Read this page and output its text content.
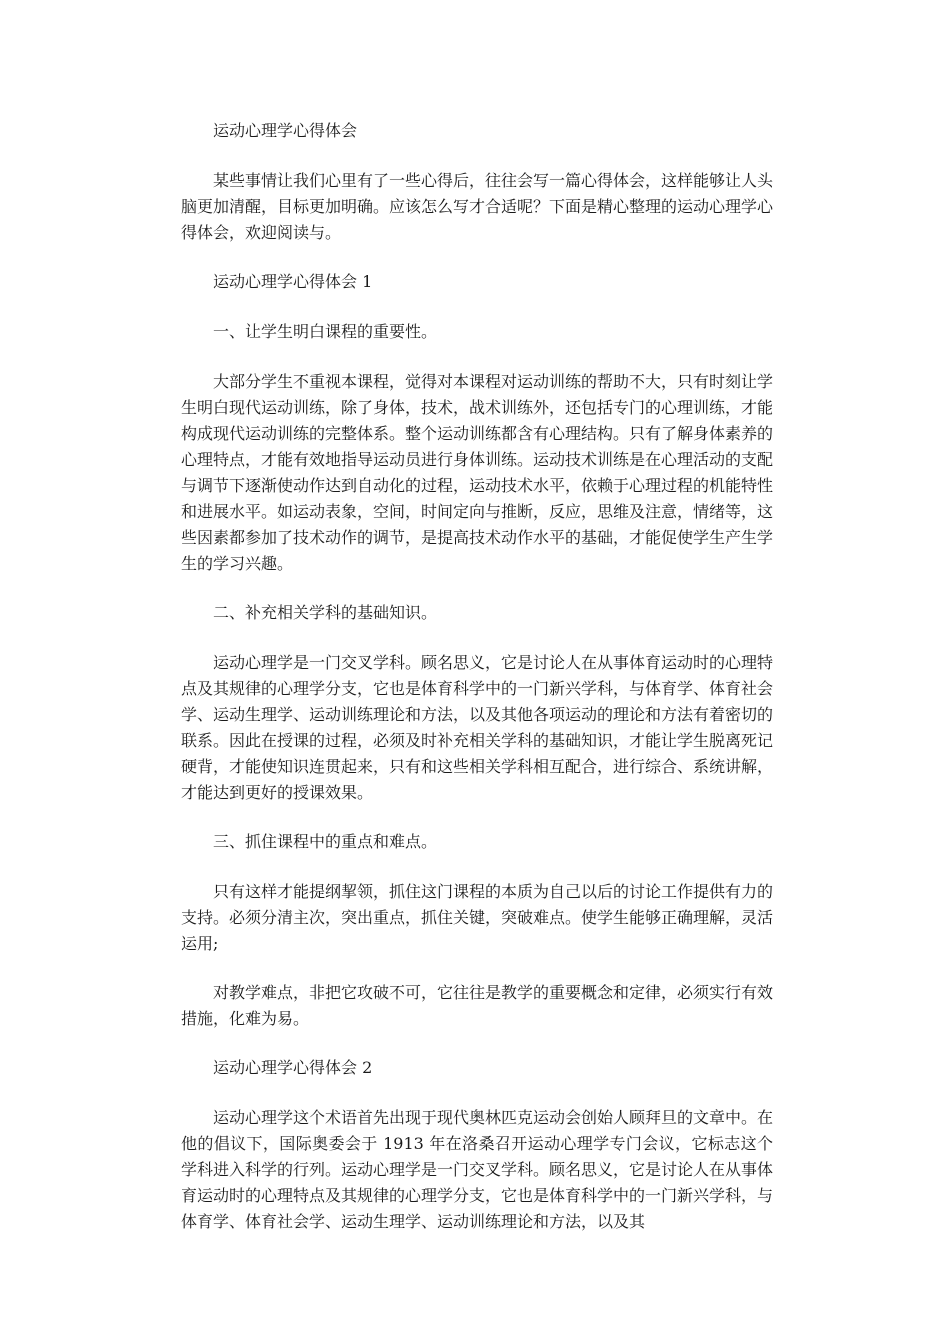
运动心理学心得体会

某些事情让我们心里有了一些心得后，往往会写一篇心得体会，这样能够让人头脑更加清醒，目标更加明确。应该怎么写才合适呢？下面是精心整理的运动心理学心得体会，欢迎阅读与。

运动心理学心得体会 1

一、让学生明白课程的重要性。

大部分学生不重视本课程，觉得对本课程对运动训练的帮助不大，只有时刻让学生明白现代运动训练，除了身体，技术，战术训练外，还包括专门的心理训练，才能构成现代运动训练的完整体系。整个运动训练都含有心理结构。只有了解身体素养的心理特点，才能有效地指导运动员进行身体训练。运动技术训练是在心理活动的支配与调节下逐渐使动作达到自动化的过程，运动技术水平，依赖于心理过程的机能特性和进展水平。如运动表象，空间，时间定向与推断，反应，思维及注意，情绪等，这些因素都参加了技术动作的调节，是提高技术动作水平的基础，才能促使学生产生学生的学习兴趣。

二、补充相关学科的基础知识。

运动心理学是一门交叉学科。顾名思义，它是讨论人在从事体育运动时的心理特点及其规律的心理学分支，它也是体育科学中的一门新兴学科，与体育学、体育社会学、运动生理学、运动训练理论和方法，以及其他各项运动的理论和方法有着密切的联系。因此在授课的过程，必须及时补充相关学科的基础知识，才能让学生脱离死记硬背，才能使知识连贯起来，只有和这些相关学科相互配合，进行综合、系统讲解，才能达到更好的授课效果。

三、抓住课程中的重点和难点。

只有这样才能提纲挈领，抓住这门课程的本质为自己以后的讨论工作提供有力的支持。必须分清主次，突出重点，抓住关键，突破难点。使学生能够正确理解，灵活运用;

对教学难点，非把它攻破不可，它往往是教学的重要概念和定律，必须实行有效措施，化难为易。

运动心理学心得体会 2

运动心理学这个术语首先出现于现代奥林匹克运动会创始人顾拜旦的文章中。在他的倡议下，国际奥委会于 1913 年在洛桑召开运动心理学专门会议，它标志这个学科进入科学的行列。运动心理学是一门交叉学科。顾名思义，它是讨论人在从事体育运动时的心理特点及其规律的心理学分支，它也是体育科学中的一门新兴学科，与体育学、体育社会学、运动生理学、运动训练理论和方法，以及其
